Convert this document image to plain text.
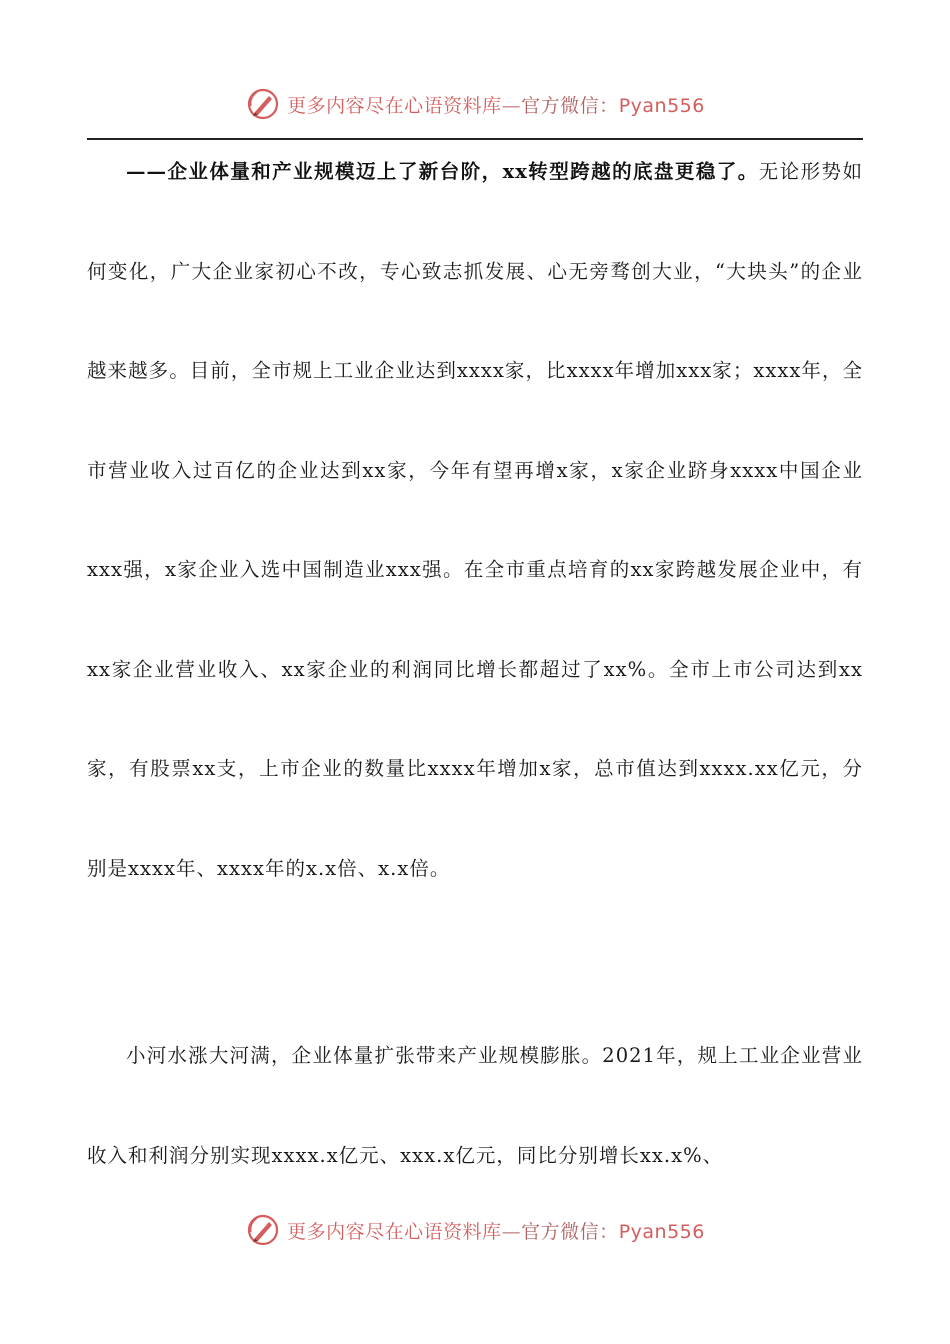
更多内容尽在心语资料库—官方微信：Pyan556

——企业体量和产业规模迈上了新台阶，xx转型跨越的底盘更稳了。无论形势如何变化，广大企业家初心不改，专心致志抓发展、心无旁骛创大业，“大块头”的企业越来越多。目前，全市规上工业企业达到xxxx家，比xxxx年增加xxx家；xxxx年，全市营业收入过百亿的企业达到xx家，今年有望再增x家，x家企业跻身xxxx中国企业xxx强，x家企业入选中国制造业xxx强。在全市重点培育的xx家跨越发展企业中，有xx家企业营业收入、xx家企业的利润同比增长都超过了xx%。全市上市公司达到xx家，有股票xx支，上市企业的数量比xxxx年增加x家，总市值达到xxxx.xx亿元，分别是xxxx年、xxxx年的x.x倍、x.x倍。

小河水涨大河满，企业体量扩张带来产业规模膨胀。2021年，规上工业企业营业收入和利润分别实现xxxx.x亿元、xxx.x亿元，同比分别增长xx.x%、

更多内容尽在心语资料库—官方微信：Pyan556
